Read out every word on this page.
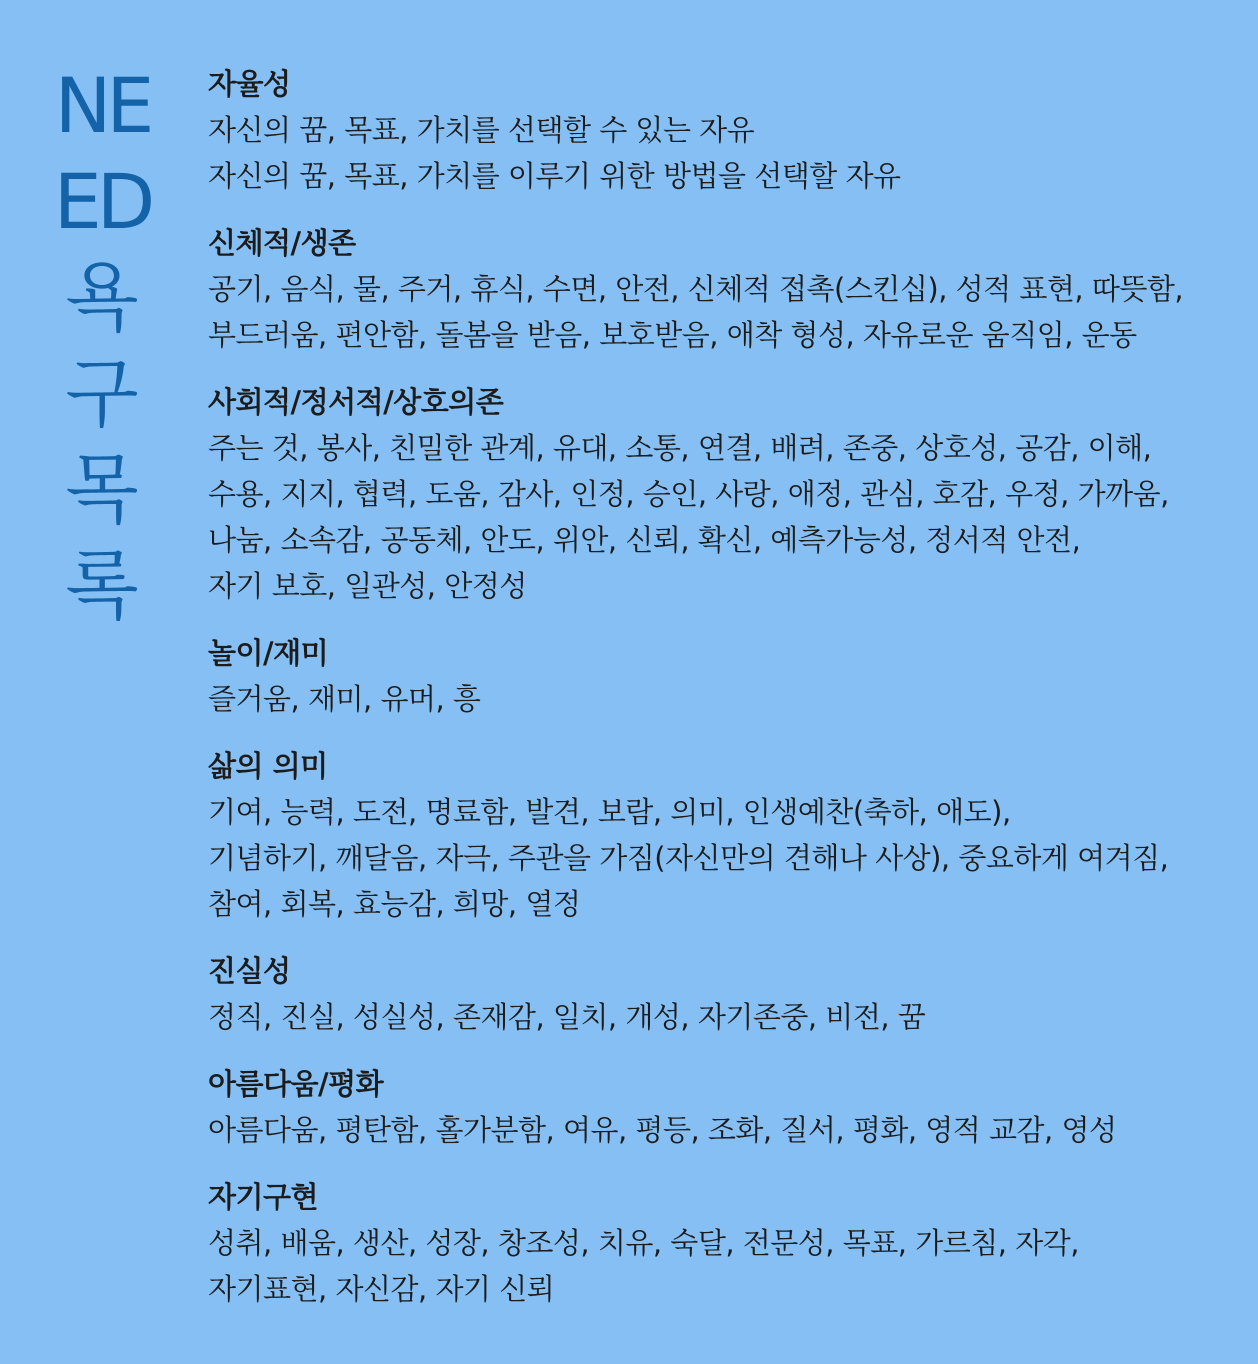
NE
ED
욕
구
목
록
자율성
자신의 꿈, 목표, 가치를 선택할 수 있는 자유
자신의 꿈, 목표, 가치를 이루기 위한 방법을 선택할 자유
신체적/생존
공기, 음식, 물, 주거, 휴식, 수면, 안전, 신체적 접촉(스킨십), 성적 표현, 따뜻함,
부드러움, 편안함, 돌봄을 받음, 보호받음, 애착 형성, 자유로운 움직임, 운동
사회적/정서적/상호의존
주는 것, 봉사, 친밀한 관계, 유대, 소통, 연결, 배려, 존중, 상호성, 공감, 이해,
수용, 지지, 협력, 도움, 감사, 인정, 승인, 사랑, 애정, 관심, 호감, 우정, 가까움,
나눔, 소속감, 공동체, 안도, 위안, 신뢰, 확신, 예측가능성, 정서적 안전,
자기 보호, 일관성, 안정성
놀이/재미
즐거움, 재미, 유머, 흥
삶의 의미
기여, 능력, 도전, 명료함, 발견, 보람, 의미, 인생예찬(축하, 애도),
기념하기, 깨달음, 자극, 주관을 가짐(자신만의 견해나 사상), 중요하게 여겨짐,
참여, 회복, 효능감, 희망, 열정
진실성
정직, 진실, 성실성, 존재감, 일치, 개성, 자기존중, 비전, 꿈
아름다움/평화
아름다움, 평탄함, 홀가분함, 여유, 평등, 조화, 질서, 평화, 영적 교감, 영성
자기구현
성취, 배움, 생산, 성장, 창조성, 치유, 숙달, 전문성, 목표, 가르침, 자각,
자기표현, 자신감, 자기 신뢰
